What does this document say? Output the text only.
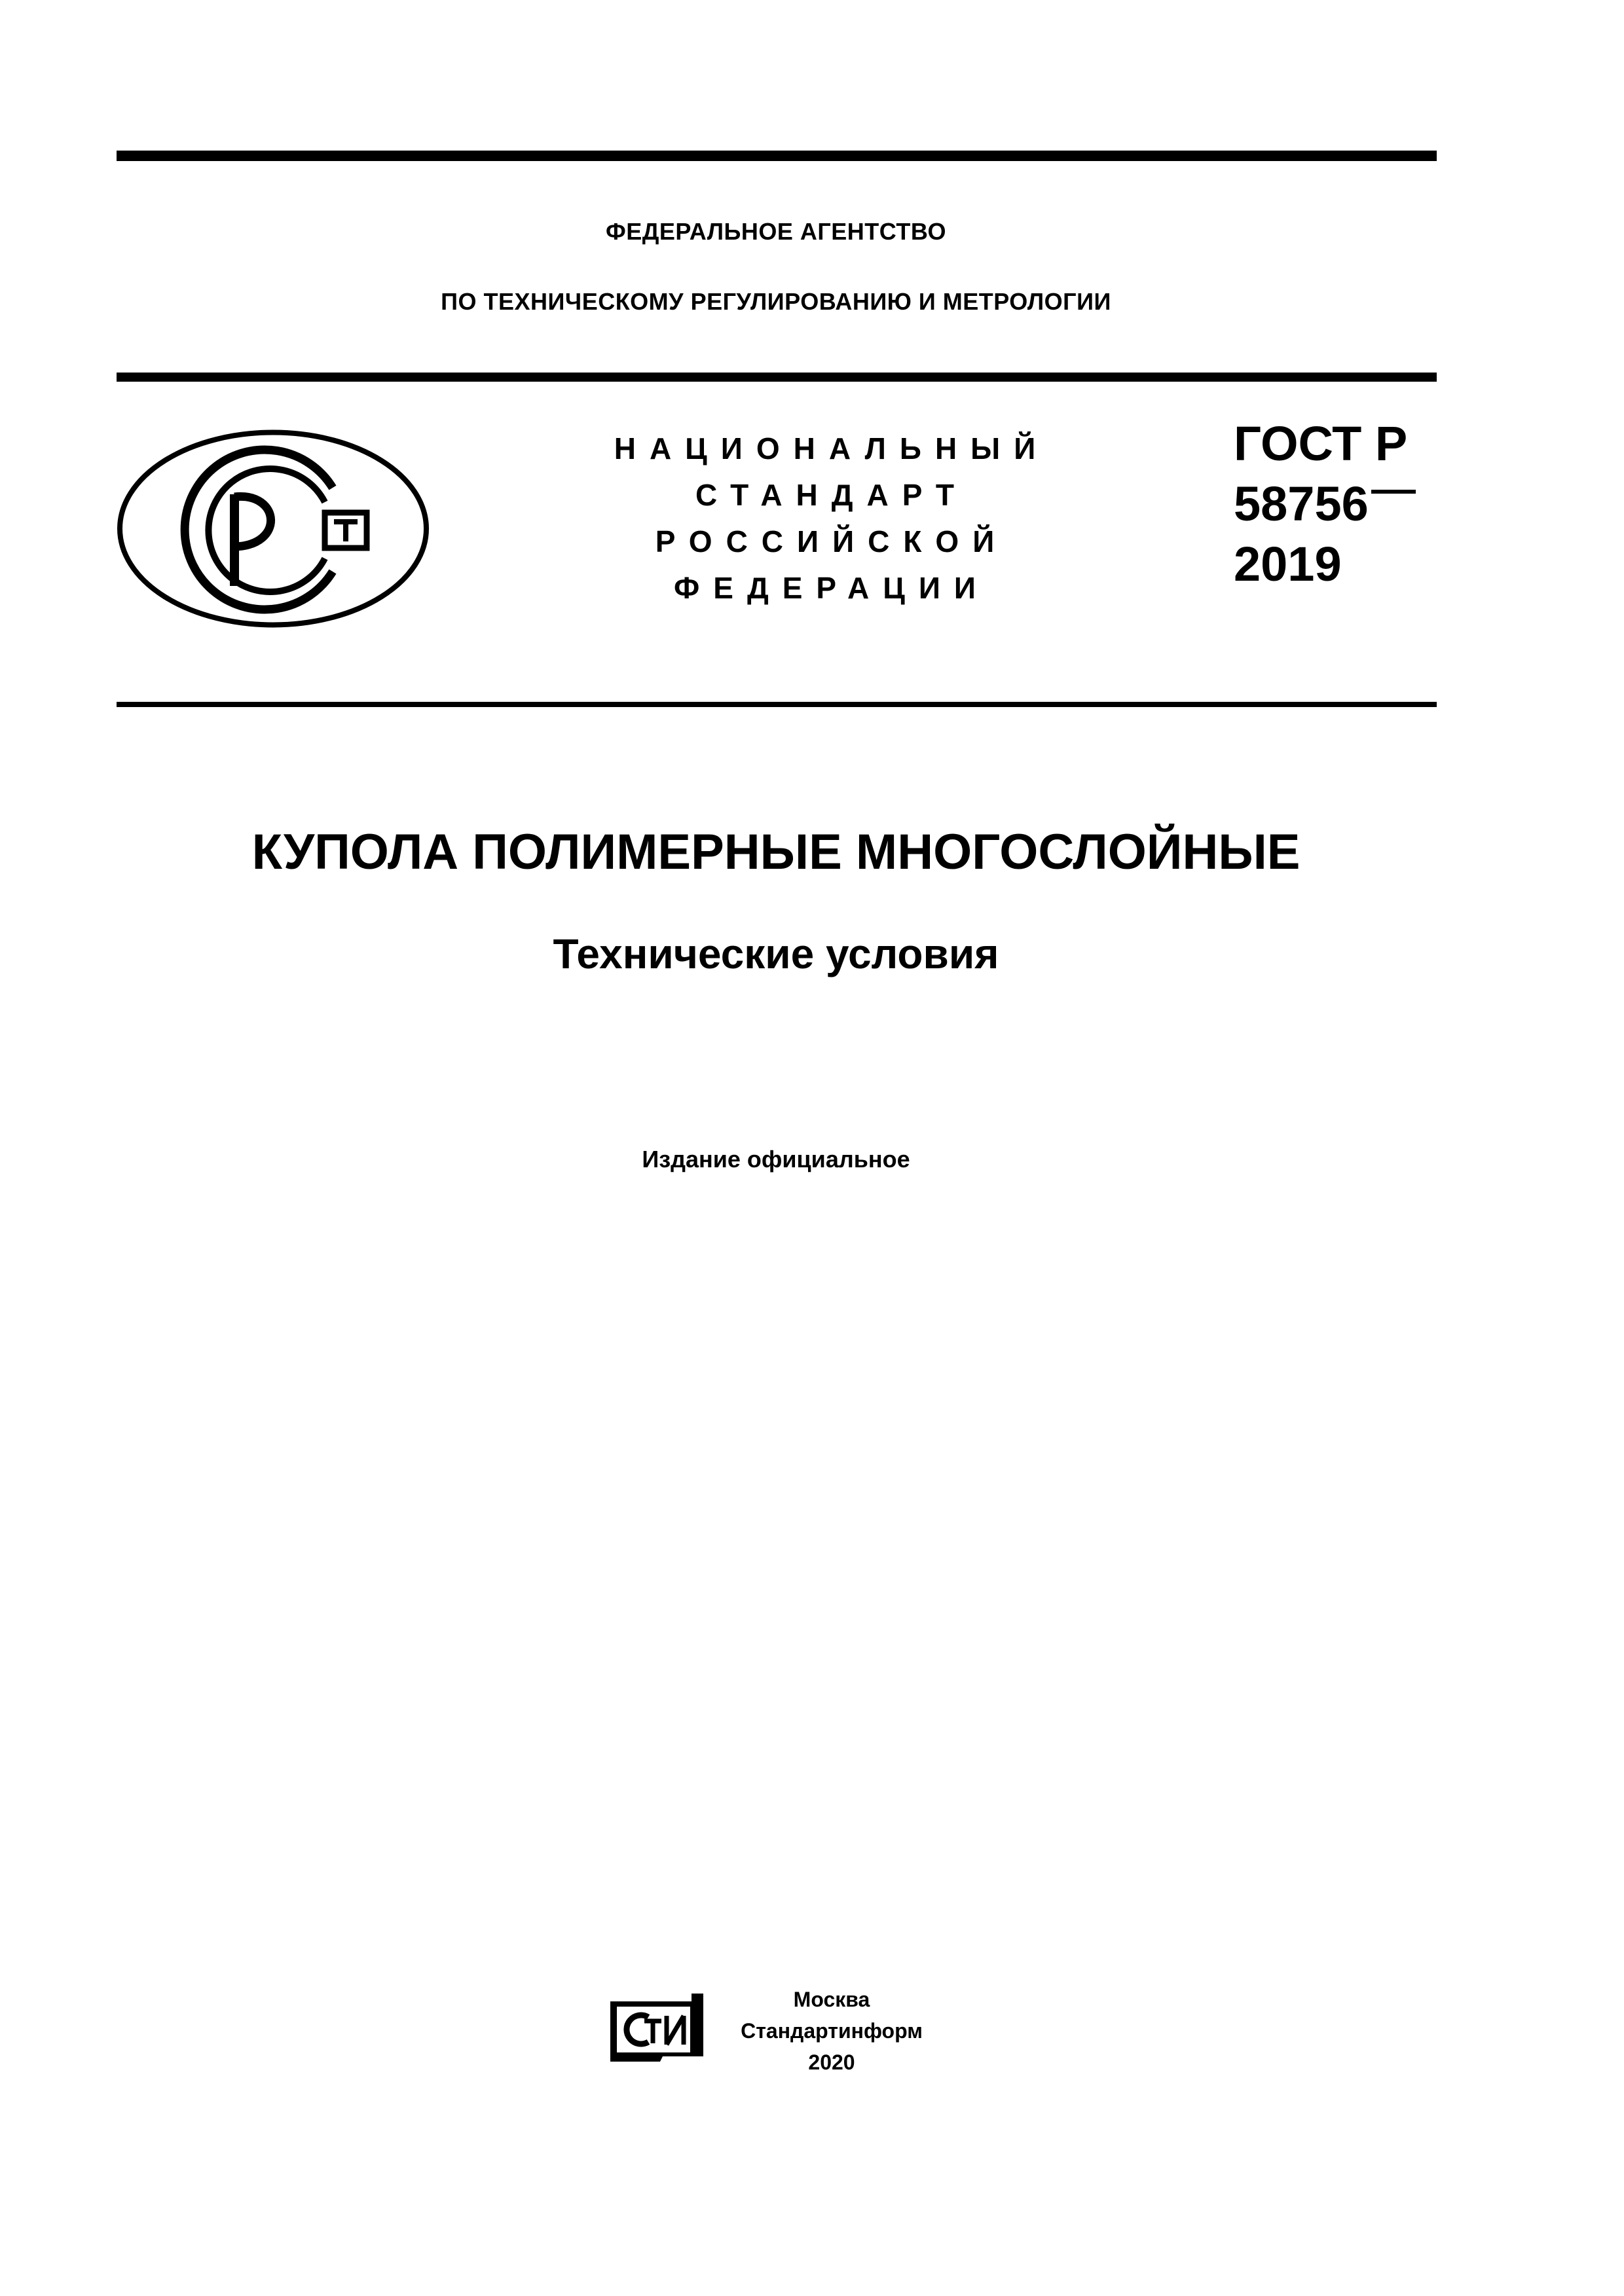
ФЕДЕРАЛЬНОЕ АГЕНТСТВО
ПО ТЕХНИЧЕСКОМУ РЕГУЛИРОВАНИЮ И МЕТРОЛОГИИ
НАЦИОНАЛЬНЫЙ
СТАНДАРТ
РОССИЙСКОЙ
ФЕДЕРАЦИИ
ГОСТ Р
58756
2019
КУПОЛА ПОЛИМЕРНЫЕ МНОГОСЛОЙНЫЕ
Технические условия
Издание официальное
Москва
Стандартинформ
2020
